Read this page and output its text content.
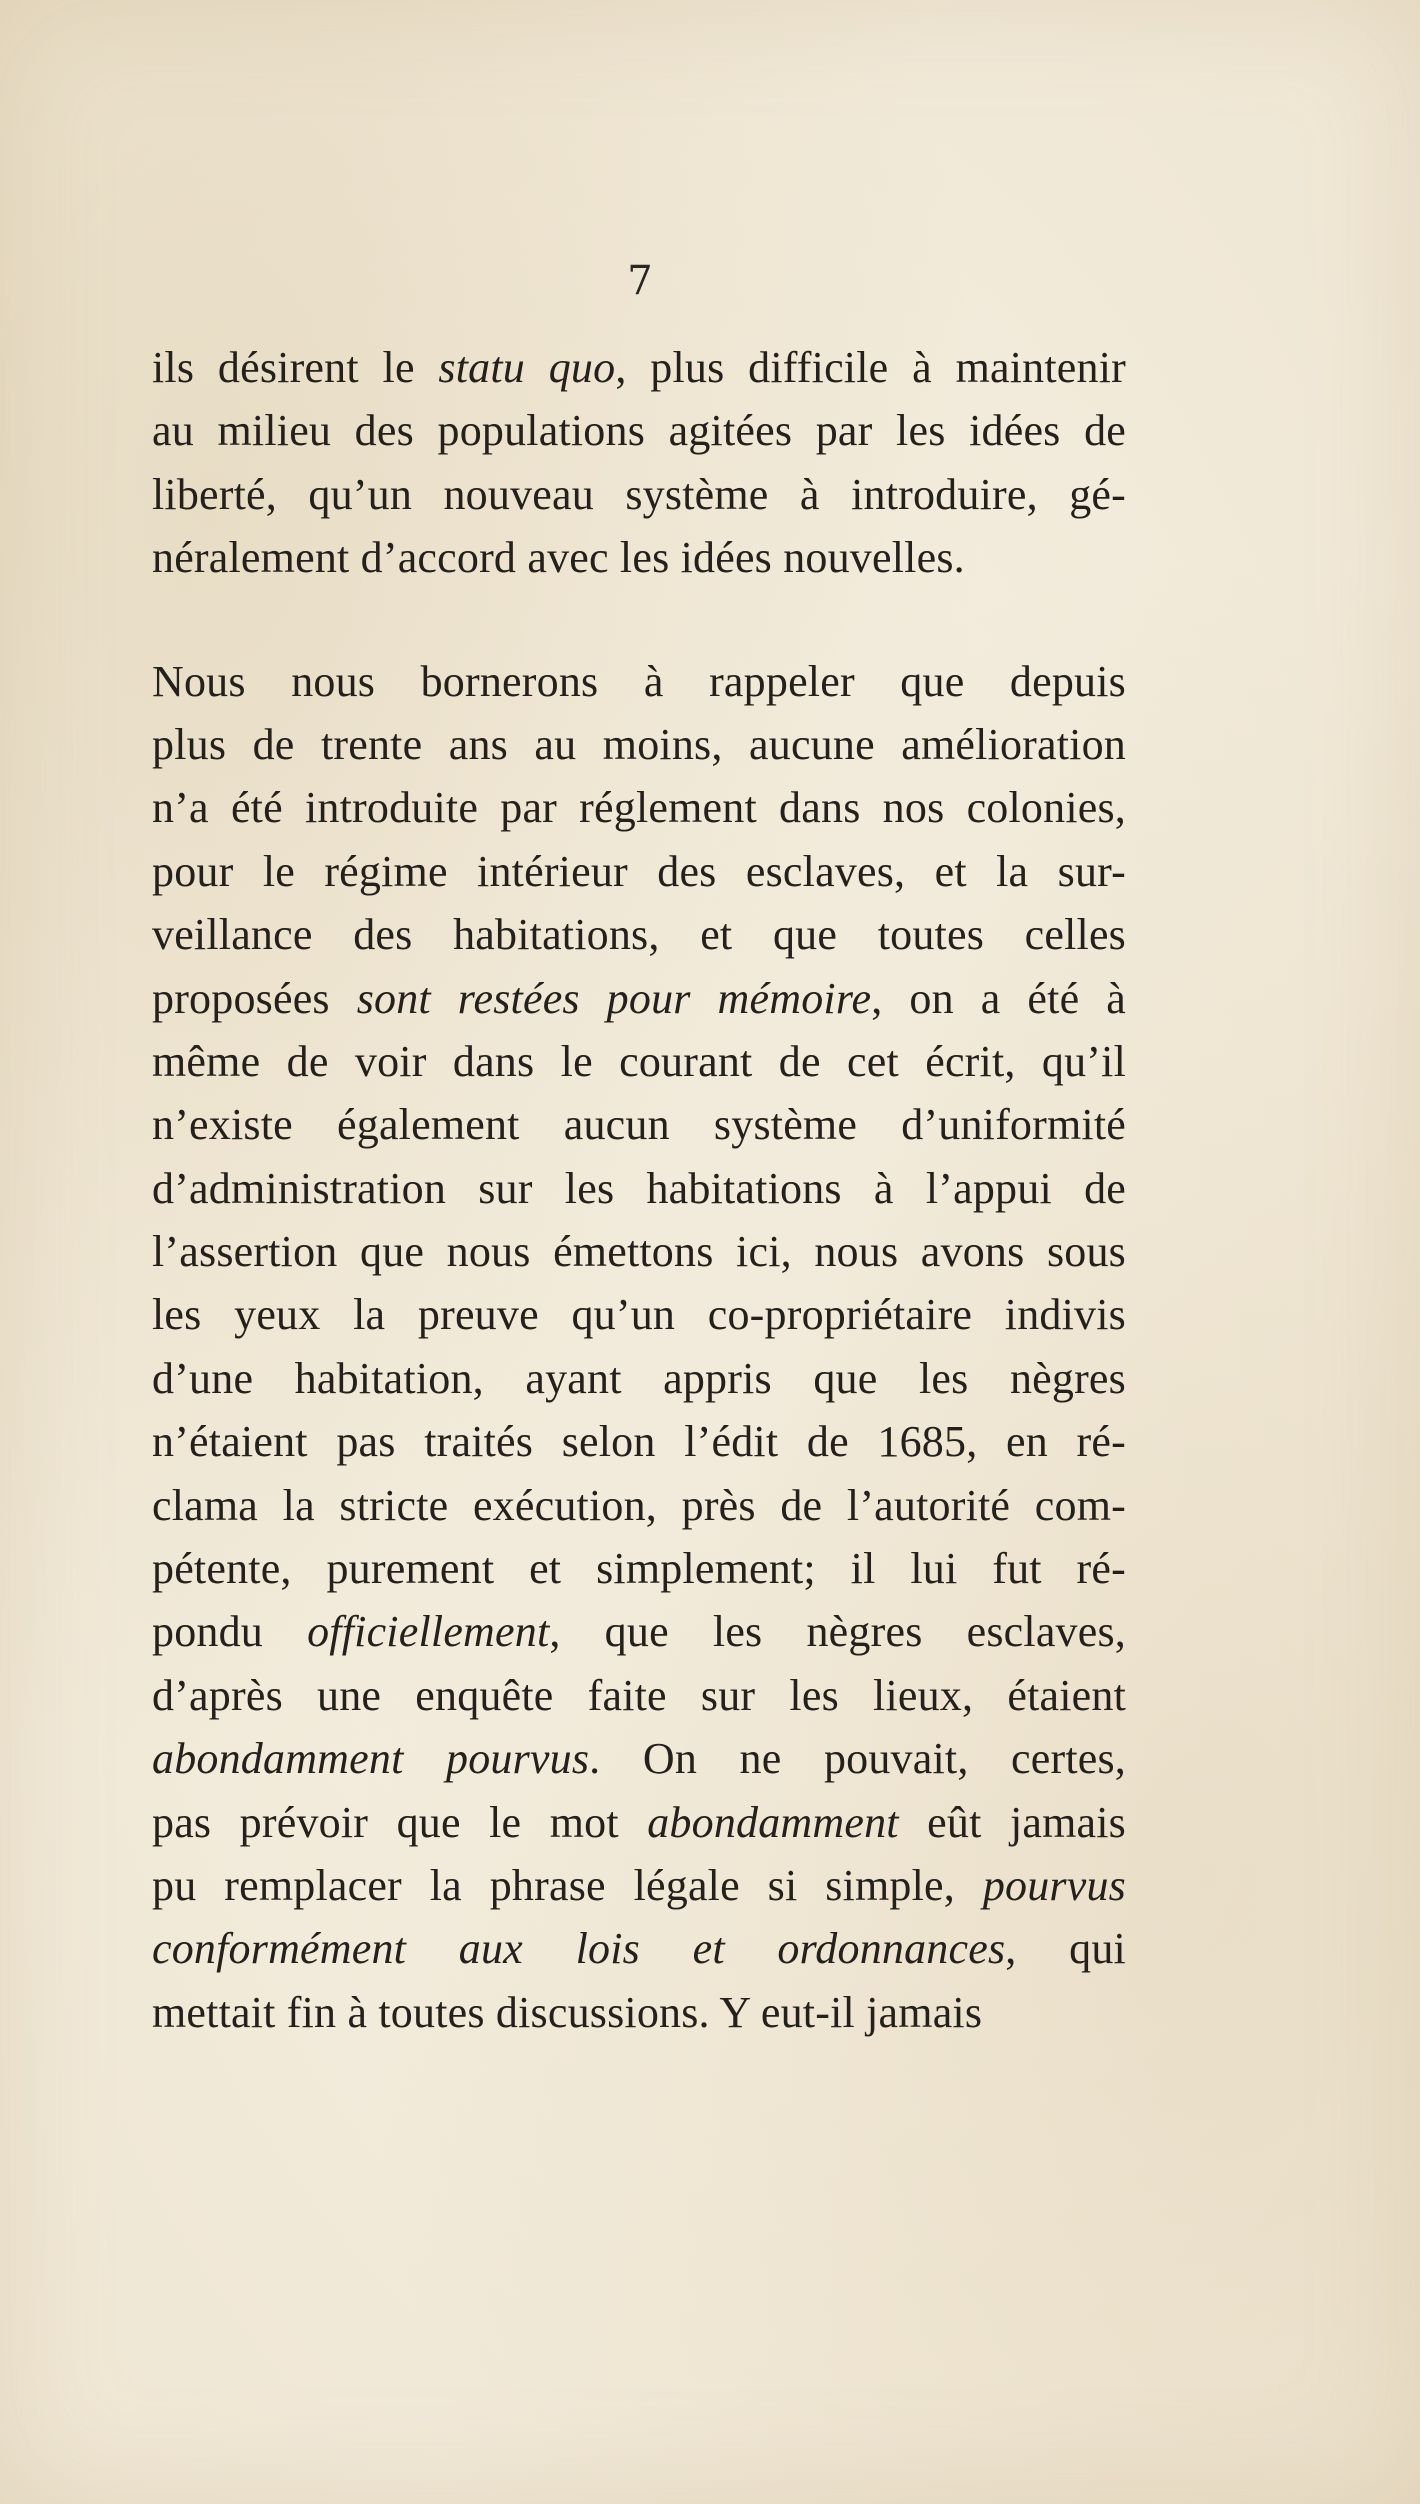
7
ils désirent le statu quo, plus difficile à maintenir
au milieu des populations agitées par les idées de
liberté, qu’un nouveau système à introduire, gé-
néralement d’accord avec les idées nouvelles.
Nous nous bornerons à rappeler que depuis
plus de trente ans au moins, aucune amélioration
n’a été introduite par réglement dans nos colonies,
pour le régime intérieur des esclaves, et la sur-
veillance des habitations, et que toutes celles
proposées sont restées pour mémoire, on a été à
même de voir dans le courant de cet écrit, qu’il
n’existe également aucun système d’uniformité
d’administration sur les habitations à l’appui de
l’assertion que nous émettons ici, nous avons sous
les yeux la preuve qu’un co-propriétaire indivis
d’une habitation, ayant appris que les nègres
n’étaient pas traités selon l’édit de 1685, en ré-
clama la stricte exécution, près de l’autorité com-
pétente, purement et simplement; il lui fut ré-
pondu officiellement, que les nègres esclaves,
d’après une enquête faite sur les lieux, étaient
abondamment pourvus. On ne pouvait, certes,
pas prévoir que le mot abondamment eût jamais
pu remplacer la phrase légale si simple, pourvus
conformément aux lois et ordonnances, qui
mettait fin à toutes discussions. Y eut-il jamais
